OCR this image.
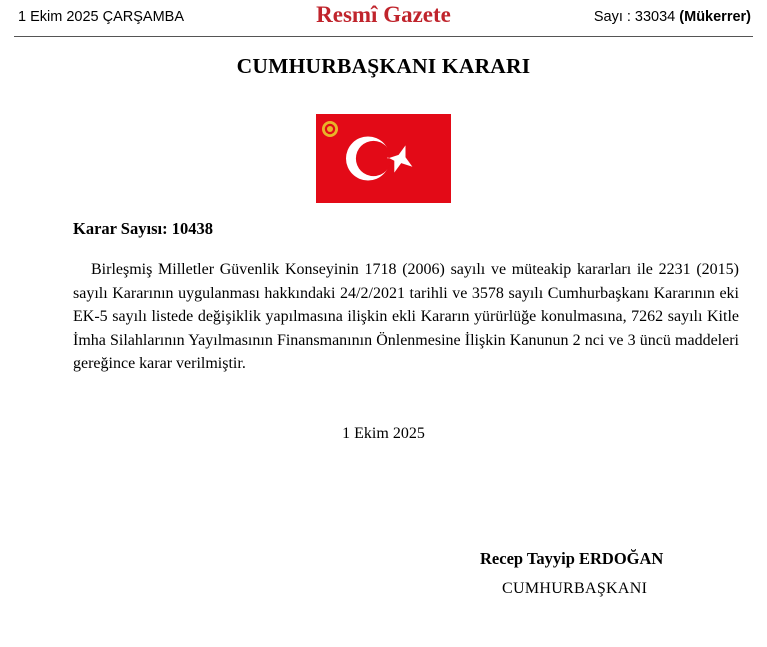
1 Ekim 2025 ÇARŞAMBA	Resmî Gazete	Sayı : 33034 (Mükerrer)
CUMHURBAŞKANI KARARI
Karar Sayısı: 10438
Birleşmiş Milletler Güvenlik Konseyinin 1718 (2006) sayılı ve müteakip kararları ile 2231 (2015) sayılı Kararının uygulanması hakkındaki 24/2/2021 tarihli ve 3578 sayılı Cumhurbaşkanı Kararının eki EK-5 sayılı listede değişiklik yapılmasına ilişkin ekli Kararın yürürlüğe konulmasına, 7262 sayılı Kitle İmha Silahlarının Yayılmasının Finansmanının Önlenmesine İlişkin Kanunun 2 nci ve 3 üncü maddeleri gereğince karar verilmiştir.
1 Ekim 2025
Recep Tayyip ERDOĞAN
CUMHURBAŞKANI
